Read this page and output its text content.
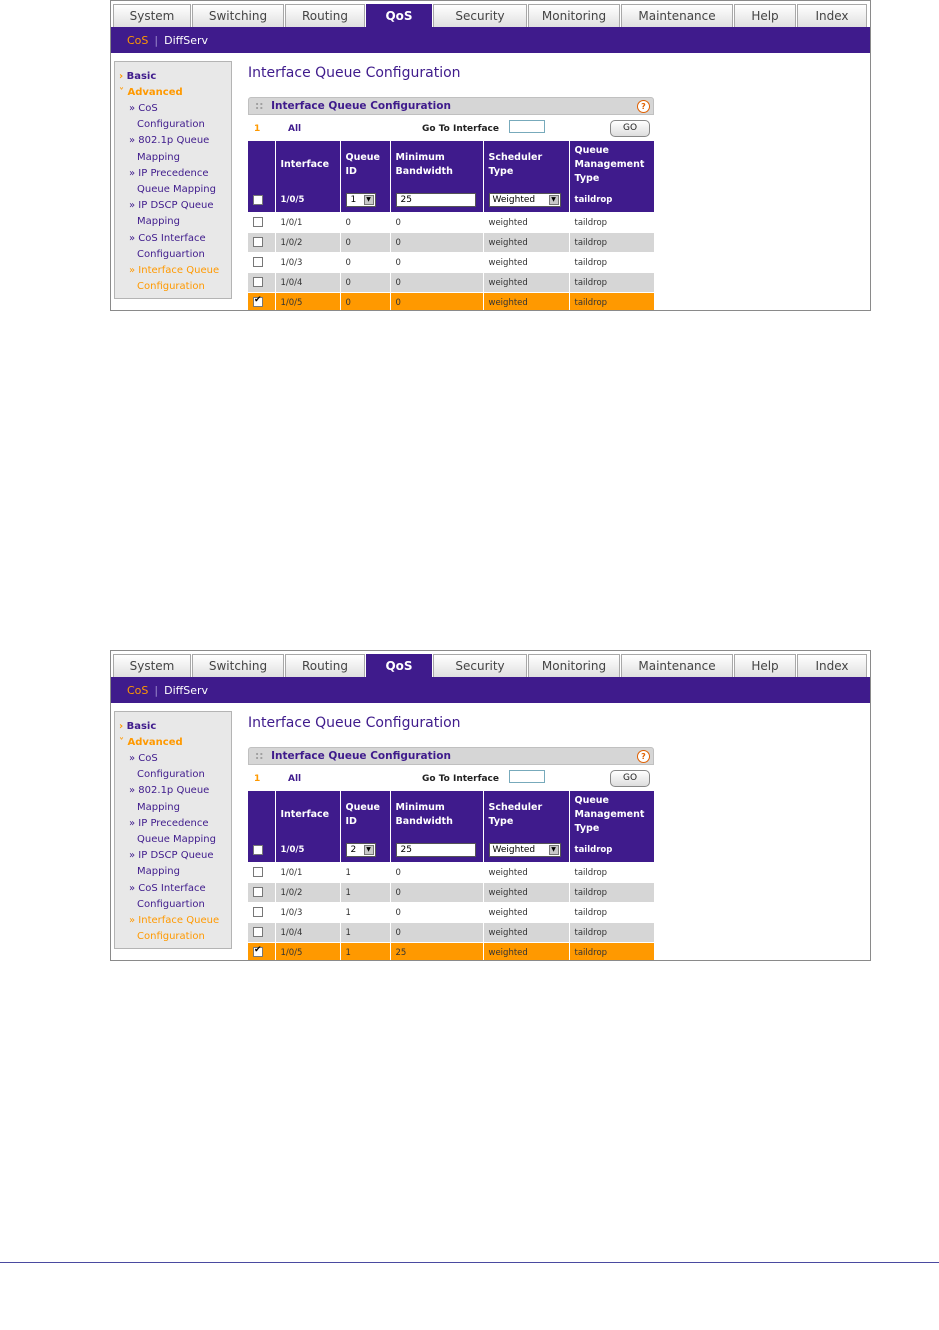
System	Switching	Routing	QoS	Security	Monitoring	Maintenance	Help	Index
CoS | DiffServ
› Basic
˅ Advanced
» CoS
Configuration
» 802.1p Queue
Mapping
» IP Precedence
Queue Mapping
» IP DSCP Queue
Mapping
» CoS Interface
Configuartion
» Interface Queue
Configuration
Interface Queue Configuration
:: Interface Queue Configuration	?
1	All	Go To Interface	GO
	Interface	Queue ID	Minimum Bandwidth	Scheduler Type	Queue Management Type
	1/0/5	1 ▼	25	Weighted ▼	taildrop
	1/0/1	0	0	weighted	taildrop
	1/0/2	0	0	weighted	taildrop
	1/0/3	0	0	weighted	taildrop
	1/0/4	0	0	weighted	taildrop
✔	1/0/5	0	0	weighted	taildrop
System	Switching	Routing	QoS	Security	Monitoring	Maintenance	Help	Index
CoS | DiffServ
› Basic
˅ Advanced
» CoS
Configuration
» 802.1p Queue
Mapping
» IP Precedence
Queue Mapping
» IP DSCP Queue
Mapping
» CoS Interface
Configuartion
» Interface Queue
Configuration
Interface Queue Configuration
:: Interface Queue Configuration	?
1	All	Go To Interface	GO
	Interface	Queue ID	Minimum Bandwidth	Scheduler Type	Queue Management Type
	1/0/5	2 ▼	25	Weighted ▼	taildrop
	1/0/1	1	0	weighted	taildrop
	1/0/2	1	0	weighted	taildrop
	1/0/3	1	0	weighted	taildrop
	1/0/4	1	0	weighted	taildrop
✔	1/0/5	1	25	weighted	taildrop
